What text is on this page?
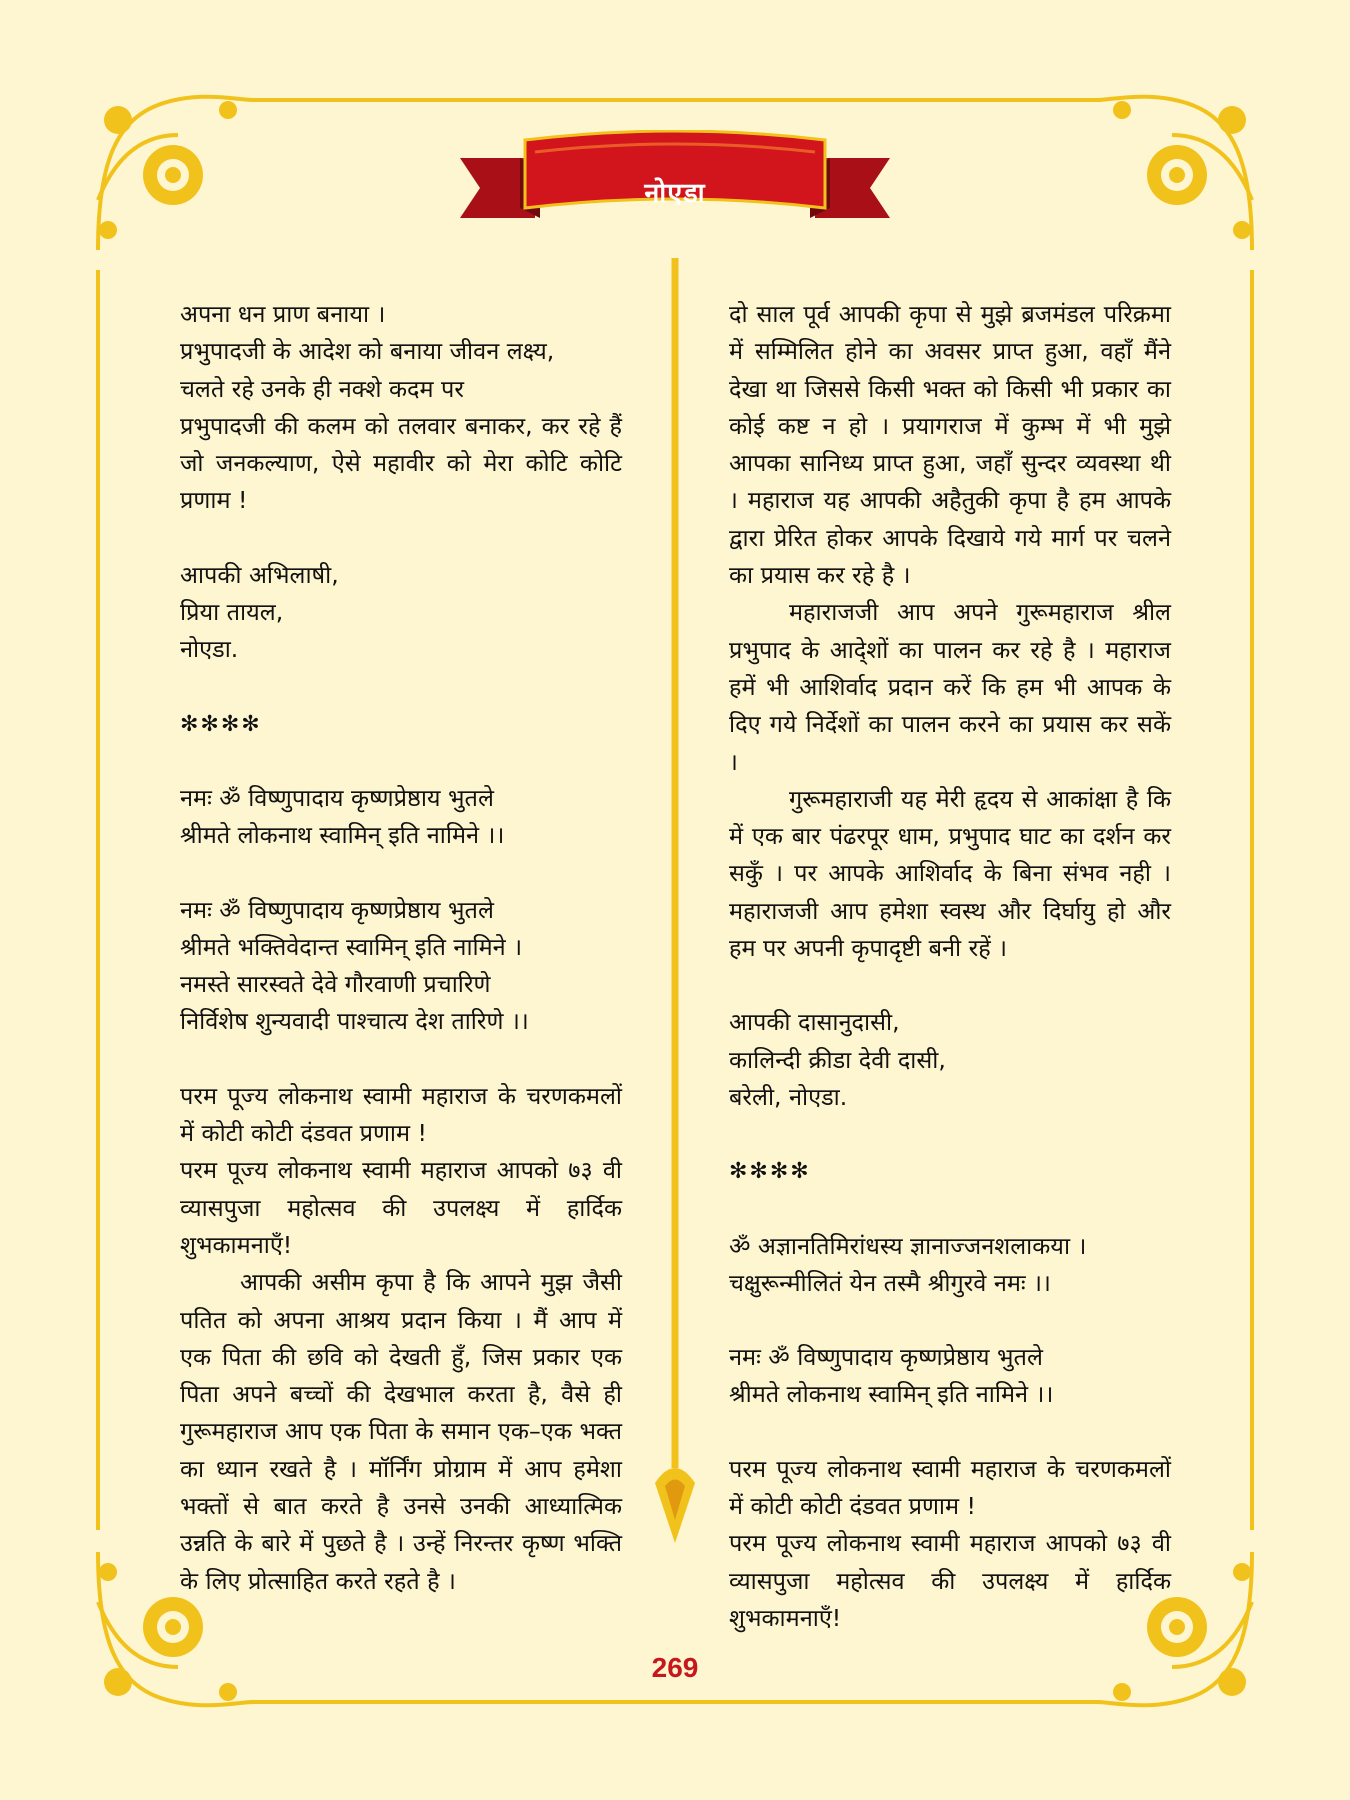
नोएडा

अपना धन प्राण बनाया ।

प्रभुपादजी के आदेश को बनाया जीवन लक्ष्य,

चलते रहे उनके ही नक्शे कदम पर

प्रभुपादजी की कलम को तलवार बनाकर, कर रहे हैं जो जनकल्याण, ऐसे महावीर को मेरा कोटि कोटि प्रणाम !

आपकी अभिलाषी,

प्रिया तायल,

नोएडा.

✻✻✻✻

नमः ॐ विष्णुपादाय कृष्णप्रेष्ठाय भुतले

श्रीमते लोकनाथ स्वामिन् इति नामिने ।।

नमः ॐ विष्णुपादाय कृष्णप्रेष्ठाय भुतले

श्रीमते भक्तिवेदान्त स्वामिन् इति नामिने ।

नमस्ते सारस्वते देवे गौरवाणी प्रचारिणे

निर्विशेष शुन्यवादी पाश्चात्य देश तारिणे ।।

परम पूज्य लोकनाथ स्वामी महाराज के चरणकमलों में कोटी कोटी दंडवत प्रणाम !

परम पूज्य लोकनाथ स्वामी महाराज आपको ७३ वी व्यासपुजा महोत्सव की उपलक्ष्य में हार्दिक शुभकामनाएँ!

आपकी असीम कृपा है कि आपने मुझ जैसी पतित को अपना आश्रय प्रदान किया । मैं आप में एक पिता की छवि को देखती हुँ, जिस प्रकार एक पिता अपने बच्चों की देखभाल करता है, वैसे ही गुरूमहाराज आप एक पिता के समान एक–एक भक्त का ध्यान रखते है । मॉर्निंग प्रोग्राम में आप हमेशा भक्तों से बात करते है उनसे उनकी आध्यात्मिक उन्नति के बारे में पुछते है । उन्हें निरन्तर कृष्ण भक्ति के लिए प्रोत्साहित करते रहते है ।

दो साल पूर्व आपकी कृपा से मुझे ब्रजमंडल परिक्रमा में सम्मिलित होने का अवसर प्राप्त हुआ, वहाँ मैंने देखा था जिससे किसी भक्त को किसी भी प्रकार का कोई कष्ट न हो । प्रयागराज में कुम्भ में भी मुझे आपका सानिध्य प्राप्त हुआ, जहाँ सुन्दर व्यवस्था थी । महाराज यह आपकी अहैतुकी कृपा है हम आपके द्वारा प्रेरित होकर आपके दिखाये गये मार्ग पर चलने का प्रयास कर रहे है ।

महाराजजी आप अपने गुरूमहाराज श्रील प्रभुपाद के आदे्शों का पालन कर रहे है । महाराज हमें भी आशिर्वाद प्रदान करें कि हम भी आपक के दिए गये निर्देशों का पालन करने का प्रयास कर सकें ।

गुरूमहाराजी यह मेरी हृदय से आकांक्षा है कि में एक बार पंढरपूर धाम, प्रभुपाद घाट का दर्शन कर सकुँ । पर आपके आशिर्वाद के बिना संभव नही । महाराजजी आप हमेशा स्वस्थ और दिर्घायु हो और हम पर अपनी कृपादृष्टी बनी रहें ।

आपकी दासानुदासी,

कालिन्दी क्रीडा देवी दासी,

बरेली, नोएडा.

✻✻✻✻

ॐ अज्ञानतिमिरांधस्य ज्ञानाज्जनशलाकया ।

चक्षुरून्मीलितं येन तस्मै श्रीगुरवे नमः ।।

नमः ॐ विष्णुपादाय कृष्णप्रेष्ठाय भुतले

श्रीमते लोकनाथ स्वामिन् इति नामिने ।।

परम पूज्य लोकनाथ स्वामी महाराज के चरणकमलों में कोटी कोटी दंडवत प्रणाम !

परम पूज्य लोकनाथ स्वामी महाराज आपको ७३ वी व्यासपुजा महोत्सव की उपलक्ष्य में हार्दिक शुभकामनाएँ!

269
